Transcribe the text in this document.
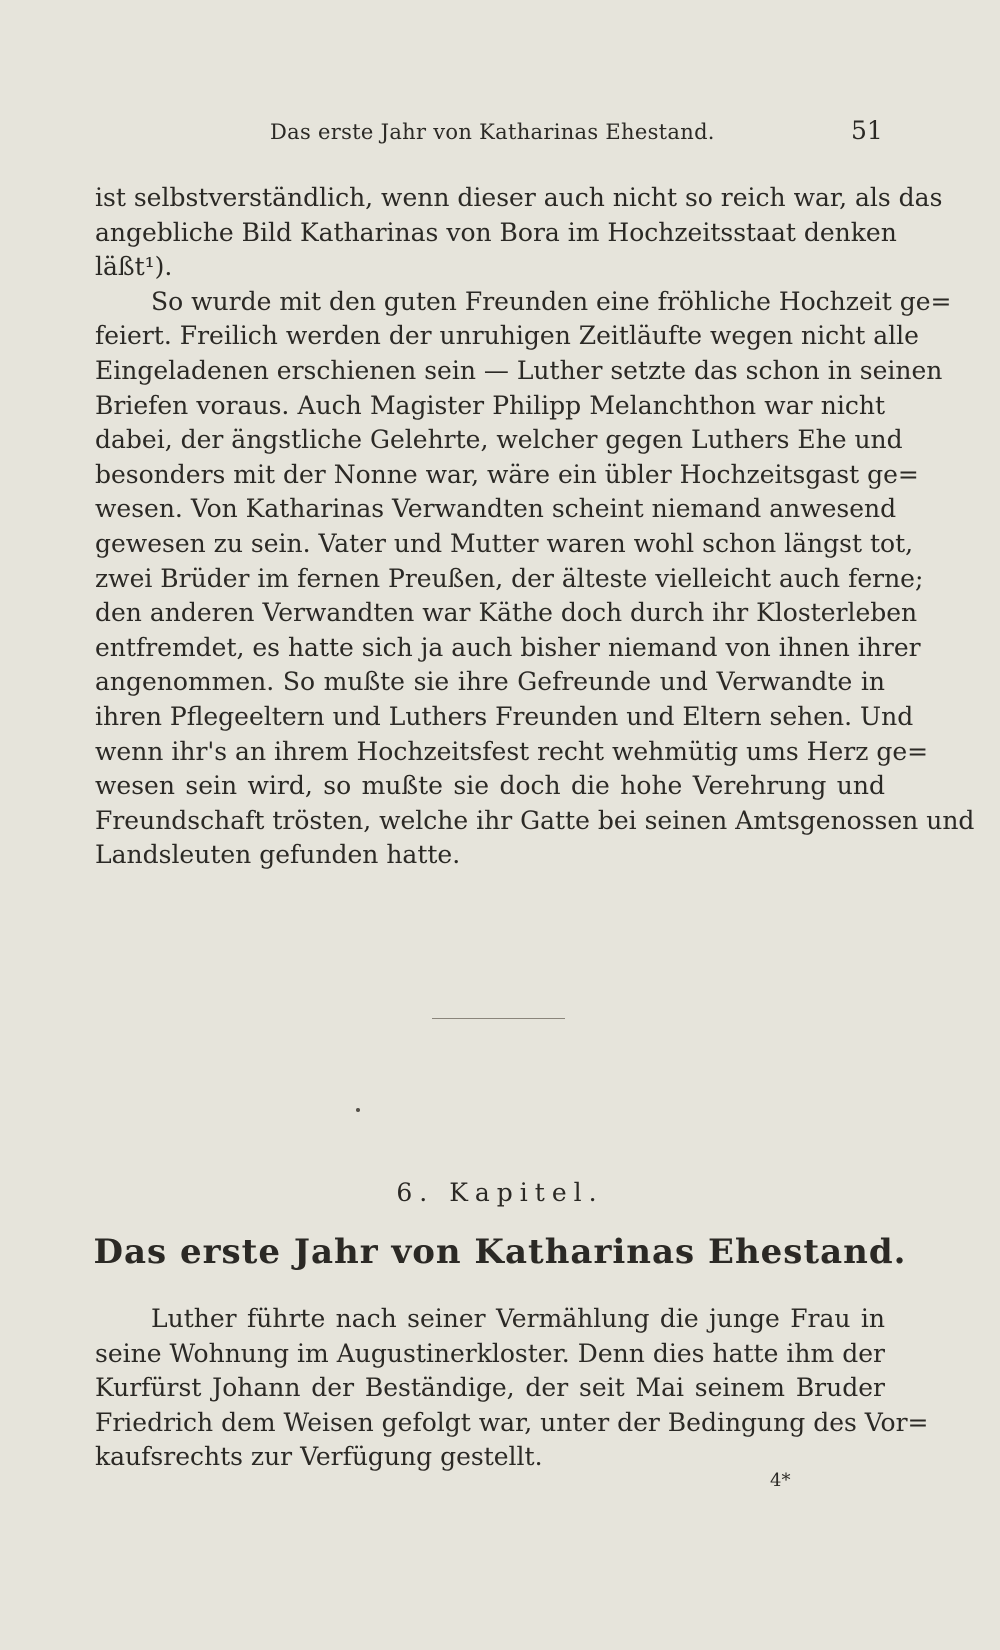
Das erste Jahr von Katharinas Ehestand.	51
ist selbstverständlich, wenn dieser auch nicht so reich war, als das
angebliche Bild Katharinas von Bora im Hochzeitsstaat denken
läßt¹).
So wurde mit den guten Freunden eine fröhliche Hochzeit ge=
feiert. Freilich werden der unruhigen Zeitläufte wegen nicht alle
Eingeladenen erschienen sein — Luther setzte das schon in seinen
Briefen voraus. Auch Magister Philipp Melanchthon war nicht
dabei, der ängstliche Gelehrte, welcher gegen Luthers Ehe und
besonders mit der Nonne war, wäre ein übler Hochzeitsgast ge=
wesen. Von Katharinas Verwandten scheint niemand anwesend
gewesen zu sein. Vater und Mutter waren wohl schon längst tot,
zwei Brüder im fernen Preußen, der älteste vielleicht auch ferne;
den anderen Verwandten war Käthe doch durch ihr Klosterleben
entfremdet, es hatte sich ja auch bisher niemand von ihnen ihrer
angenommen. So mußte sie ihre Gefreunde und Verwandte in
ihren Pflegeeltern und Luthers Freunden und Eltern sehen. Und
wenn ihr's an ihrem Hochzeitsfest recht wehmütig ums Herz ge=
wesen sein wird, so mußte sie doch die hohe Verehrung und
Freundschaft trösten, welche ihr Gatte bei seinen Amtsgenossen und
Landsleuten gefunden hatte.
6. Kapitel.
Das erste Jahr von Katharinas Ehestand.
Luther führte nach seiner Vermählung die junge Frau in
seine Wohnung im Augustinerkloster. Denn dies hatte ihm der
Kurfürst Johann der Beständige, der seit Mai seinem Bruder
Friedrich dem Weisen gefolgt war, unter der Bedingung des Vor=
kaufsrechts zur Verfügung gestellt.
4*
